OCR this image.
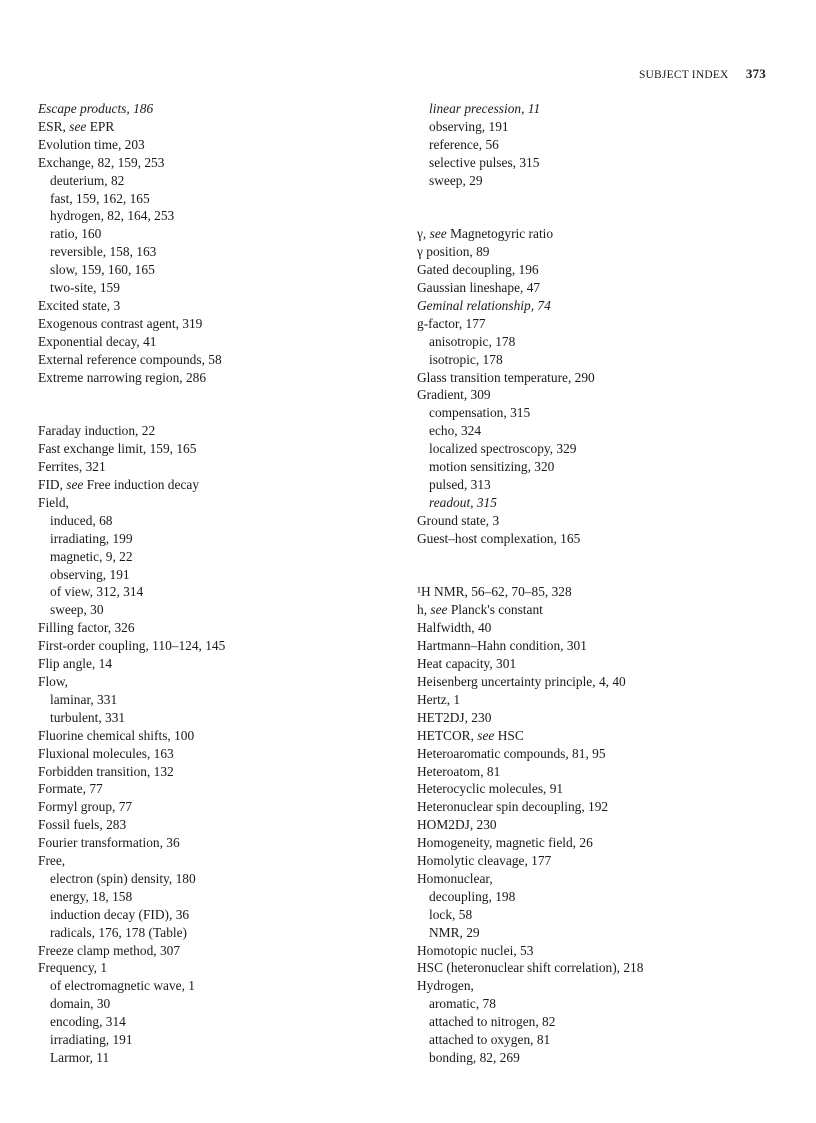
SUBJECT INDEX 373
Escape products, 186
ESR, see EPR
Evolution time, 203
Exchange, 82, 159, 253
deuterium, 82
fast, 159, 162, 165
hydrogen, 82, 164, 253
ratio, 160
reversible, 158, 163
slow, 159, 160, 165
two-site, 159
Excited state, 3
Exogenous contrast agent, 319
Exponential decay, 41
External reference compounds, 58
Extreme narrowing region, 286
Faraday induction, 22
Fast exchange limit, 159, 165
Ferrites, 321
FID, see Free induction decay
Field,
induced, 68
irradiating, 199
magnetic, 9, 22
observing, 191
of view, 312, 314
sweep, 30
Filling factor, 326
First-order coupling, 110–124, 145
Flip angle, 14
Flow,
laminar, 331
turbulent, 331
Fluorine chemical shifts, 100
Fluxional molecules, 163
Forbidden transition, 132
Formate, 77
Formyl group, 77
Fossil fuels, 283
Fourier transformation, 36
Free,
electron (spin) density, 180
energy, 18, 158
induction decay (FID), 36
radicals, 176, 178 (Table)
Freeze clamp method, 307
Frequency, 1
of electromagnetic wave, 1
domain, 30
encoding, 314
irradiating, 191
Larmor, 11
linear precession, 11
observing, 191
reference, 56
selective pulses, 315
sweep, 29
γ, see Magnetogyric ratio
γ position, 89
Gated decoupling, 196
Gaussian lineshape, 47
Geminal relationship, 74
g-factor, 177
anisotropic, 178
isotropic, 178
Glass transition temperature, 290
Gradient, 309
compensation, 315
echo, 324
localized spectroscopy, 329
motion sensitizing, 320
pulsed, 313
readout, 315
Ground state, 3
Guest–host complexation, 165
¹H NMR, 56–62, 70–85, 328
h, see Planck's constant
Halfwidth, 40
Hartmann–Hahn condition, 301
Heat capacity, 301
Heisenberg uncertainty principle, 4, 40
Hertz, 1
HET2DJ, 230
HETCOR, see HSC
Heteroaromatic compounds, 81, 95
Heteroatom, 81
Heterocyclic molecules, 91
Heteronuclear spin decoupling, 192
HOM2DJ, 230
Homogeneity, magnetic field, 26
Homolytic cleavage, 177
Homonuclear,
decoupling, 198
lock, 58
NMR, 29
Homotopic nuclei, 53
HSC (heteronuclear shift correlation), 218
Hydrogen,
aromatic, 78
attached to nitrogen, 82
attached to oxygen, 81
bonding, 82, 269
